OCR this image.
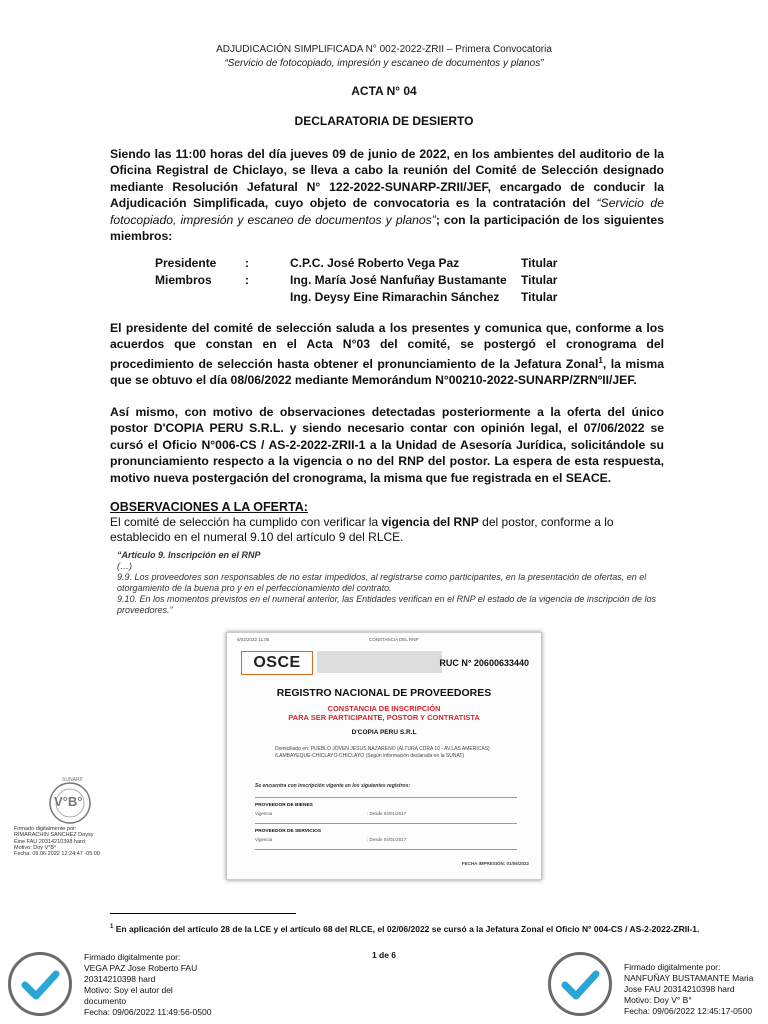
ADJUDICACIÓN SIMPLIFICADA N° 002-2022-ZRII – Primera Convocatoria
“Servicio de fotocopiado, impresión y escaneo de documentos y planos”
ACTA N° 04
DECLARATORIA DE DESIERTO
Siendo las 11:00 horas del día jueves 09 de junio de 2022, en los ambientes del auditorio de la Oficina Registral de Chiclayo, se lleva a cabo la reunión del Comité de Selección designado mediante Resolución Jefatural N° 122-2022-SUNARP-ZRII/JEF, encargado de conducir la Adjudicación Simplificada, cuyo objeto de convocatoria es la contratación del “Servicio de fotocopiado, impresión y escaneo de documentos y planos”; con la participación de los siguientes miembros:
Presidente	:	C.P.C. José Roberto Vega Paz	Titular
Miembros	:	Ing. María José Nanfuñay Bustamante	Titular
		Ing. Deysy Eine Rimarachin Sánchez	Titular
El presidente del comité de selección saluda a los presentes y comunica que, conforme a los acuerdos que constan en el Acta N°03 del comité, se postergó el cronograma del procedimiento de selección hasta obtener el pronunciamiento de la Jefatura Zonal$^1$, la misma que se obtuvo el día 08/06/2022 mediante Memorándum N°00210-2022-SUNARP/ZRNºII/JEF.
Así mismo, con motivo de observaciones detectadas posteriormente a la oferta del único postor D'COPIA PERU S.R.L. y siendo necesario contar con opinión legal, el 07/06/2022 se cursó el Oficio N°006-CS / AS-2-2022-ZRII-1 a la Unidad de Asesoría Jurídica, solicitándole su pronunciamiento respecto a la vigencia o no del RNP del postor. La espera de esta respuesta, motivo nueva postergación del cronograma, la misma que fue registrada en el SEACE.
OBSERVACIONES A LA OFERTA:
El comité de selección ha cumplido con verificar la vigencia del RNP del postor, conforme a lo establecido en el numeral 9.10 del artículo 9 del RLCE.
“Artículo 9. Inscripción en el RNP
(…)
9.9. Los proveedores son responsables de no estar impedidos, al registrarse como participantes, en la presentación de ofertas, en el otorgamiento de la buena pro y en el perfeccionamiento del contrato.
9.10. En los momentos previstos en el numeral anterior, las Entidades verifican en el RNP el estado de la vigencia de inscripción de los proveedores.”
6/02/2022 11:00	CONSTANCIA DEL RNP
OSCE	RUC N° 20600633440
REGISTRO NACIONAL DE PROVEEDORES
CONSTANCIA DE INSCRIPCIÓN
PARA SER PARTICIPANTE, POSTOR Y CONTRATISTA
D'COPIA PERU S.R.L
Domiciliado en: PUEBLO JOVEN JESUS NAZARENO (ALTURA CDRA 10 - AV.LAS AMERICAS)
/LAMBAYEQUE-CHICLAYO-CHICLAYO (Según información declarada en la SUNAT)
Se encuentra con inscripción vigente en los siguientes registros:
PROVEEDOR DE BIENES
Vigencia	: Desde 04/01/2017
PROVEEDOR DE SERVICIOS
Vigencia	: Desde 04/01/2017
FECHA IMPRESIÓN: 01/06/2022
SUNARP
V°B°
Firmado digitalmente por:
RIMARACHIN SANCHEZ Deysy
Eine FAU 20314210398 hard
Motivo: Doy V°B°
Fecha: 09.06.2022 12:24:47 -05:00
$^1$ En aplicación del artículo 28 de la LCE y el artículo 68 del RLCE, el 02/06/2022 se cursó a la Jefatura Zonal el Oficio N° 004-CS / AS-2-2022-ZRII-1.
1 de 6
Firmado digitalmente por:
VEGA PAZ Jose Roberto FAU
20314210398 hard
Motivo: Soy el autor del
documento
Fecha: 09/06/2022 11:49:56-0500
Firmado digitalmente por:
NANFUÑAY BUSTAMANTE Maria
Jose FAU 20314210398 hard
Motivo: Doy V° B°
Fecha: 09/06/2022 12:45:17-0500
